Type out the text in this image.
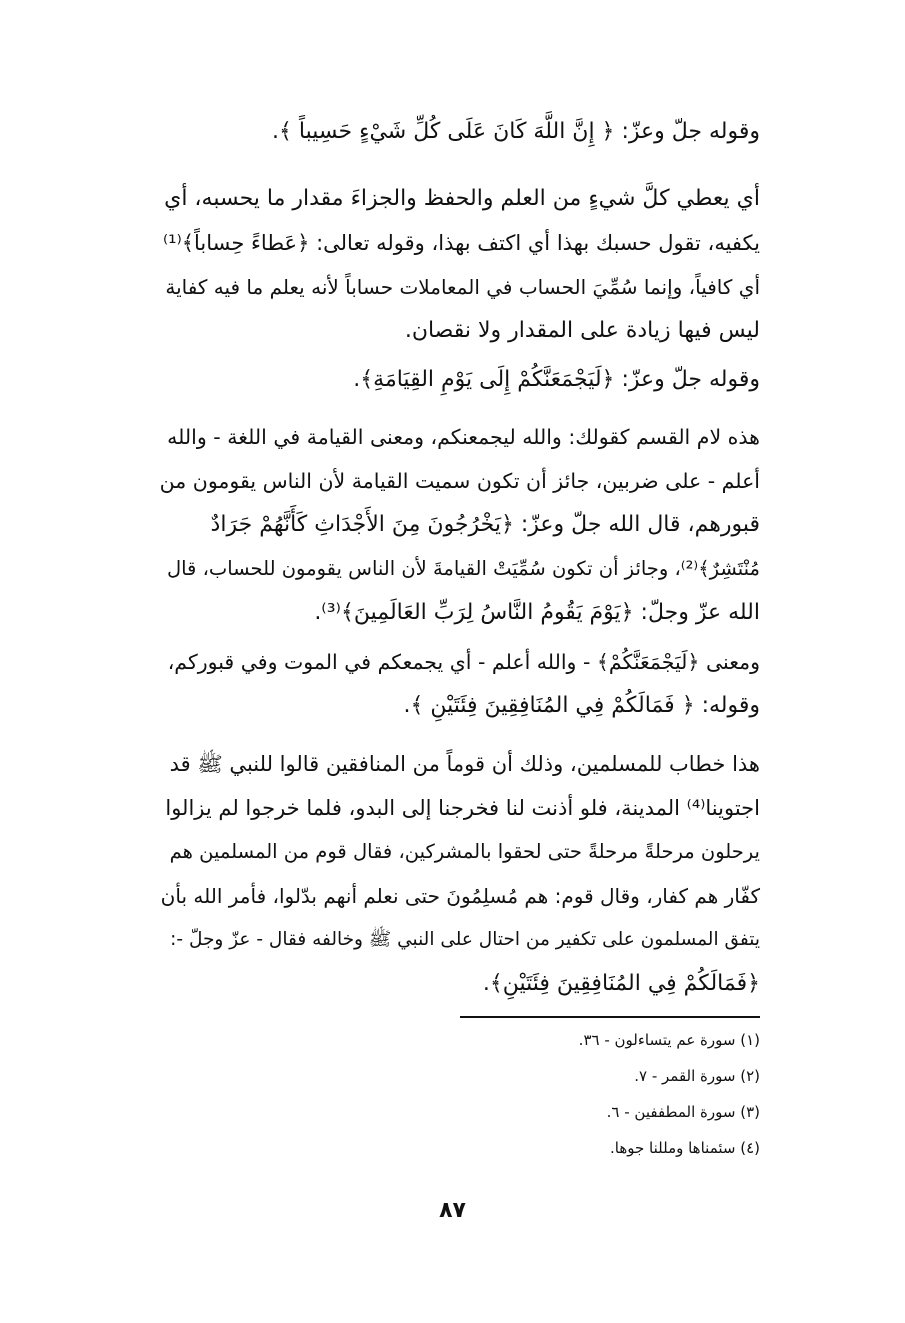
وقوله جلّ وعزّ: ﴿ إِنَّ اللَّهَ كَانَ عَلَى كُلِّ شَيْءٍ حَسِيباً ﴾.
أي يعطي كلَّ شيءٍ من العلم والحفظ والجزاءَ مقدار ما يحسبه، أي
يكفيه، تقول حسبك بهذا أي اكتف بهذا، وقوله تعالى: ﴿عَطاءً حِساباً﴾⁽¹⁾
أي كافياً، وإنما سُمِّيَ الحساب في المعاملات حساباً لأنه يعلم ما فيه كفاية
ليس فيها زيادة على المقدار ولا نقصان.
وقوله جلّ وعزّ: ﴿لَيَجْمَعَنَّكُمْ إِلَى يَوْمِ القِيَامَةِ﴾.
هذه لام القسم كقولك: والله ليجمعنكم، ومعنى القيامة في اللغة - والله
أعلم - على ضربين، جائز أن تكون سميت القيامة لأن الناس يقومون من
قبورهم، قال الله جلّ وعزّ: ﴿يَخْرُجُونَ مِنَ الأَجْدَاثِ كَأَنَّهُمْ جَرَادٌ
مُنْتَشِرٌ﴾⁽²⁾، وجائز أن تكون سُمِّيَتْ القيامةَ لأن الناس يقومون للحساب، قال
الله عزّ وجلّ: ﴿يَوْمَ يَقُومُ النَّاسُ لِرَبِّ العَالَمِينَ﴾⁽³⁾.
ومعنى ﴿لَيَجْمَعَنَّكُمْ﴾ - والله أعلم - أي يجمعكم في الموت وفي قبوركم،
وقوله: ﴿ فَمَالَكُمْ فِي المُنَافِقِينَ فِئَتَيْنِ ﴾.
هذا خطاب للمسلمين، وذلك أن قوماً من المنافقين قالوا للنبي ﷺ قد
اجتوينا⁽⁴⁾ المدينة، فلو أذنت لنا فخرجنا إلى البدو، فلما خرجوا لم يزالوا
يرحلون مرحلةً مرحلةً حتى لحقوا بالمشركين، فقال قوم من المسلمين هم
كفّار هم كفار، وقال قوم: هم مُسلِمُونَ حتى نعلم أنهم بدّلوا، فأمر الله بأن
يتفق المسلمون على تكفير من احتال على النبي ﷺ وخالفه فقال - عزّ وجلّ -:
﴿فَمَالَكُمْ فِي المُنَافِقِينَ فِئَتَيْنِ﴾.
(١) سورة عم يتساءلون - ٣٦.
(٢) سورة القمر - ٧.
(٣) سورة المطففين - ٦.
(٤) سئمناها ومللنا جوها.
٨٧
